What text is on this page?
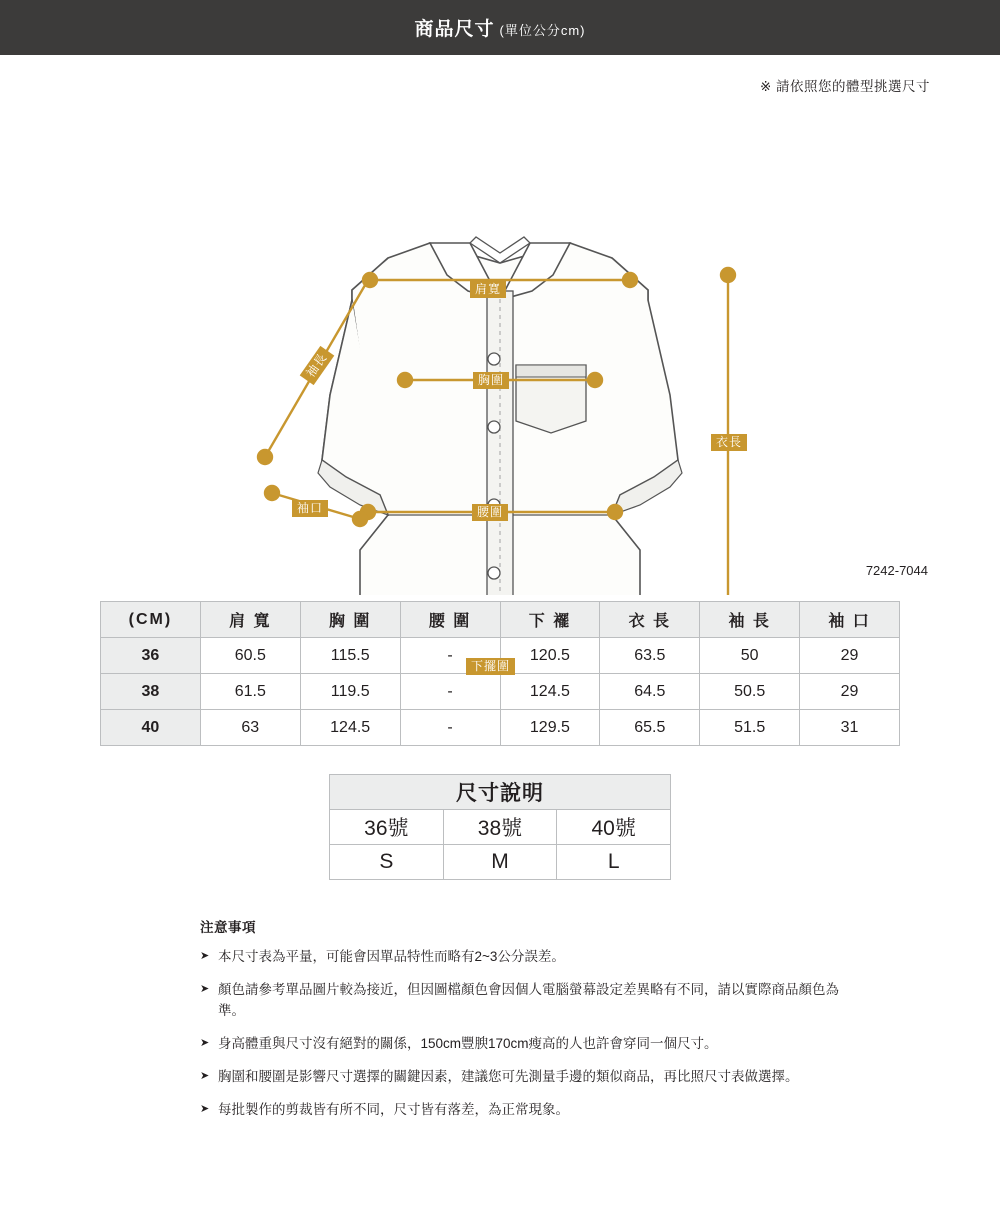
商品尺寸 (單位公分cm)
※ 請依照您的體型挑選尺寸
肩寬
胸圍
腰圍
下擺圍
衣長
袖長
袖口
7242-7044
(CM)	肩 寬	胸 圍	腰 圍	下 襬	衣 長	袖 長	袖 口
36	60.5	115.5	-	120.5	63.5	50	29
38	61.5	119.5	-	124.5	64.5	50.5	29
40	63	124.5	-	129.5	65.5	51.5	31
尺寸說明		
36號	38號	40號
S	M	L
注意事項
➤ 本尺寸表為平量，可能會因單品特性而略有2~3公分誤差。
➤ 顏色請參考單品圖片較為接近，但因圖檔顏色會因個人電腦螢幕設定差異略有不同，請以實際商品顏色為準。
➤ 身高體重與尺寸沒有絕對的關係，150cm豐腴170cm瘦高的人也許會穿同一個尺寸。
➤ 胸圍和腰圍是影響尺寸選擇的關鍵因素，建議您可先測量手邊的類似商品，再比照尺寸表做選擇。
➤ 每批製作的剪裁皆有所不同，尺寸皆有落差，為正常現象。
